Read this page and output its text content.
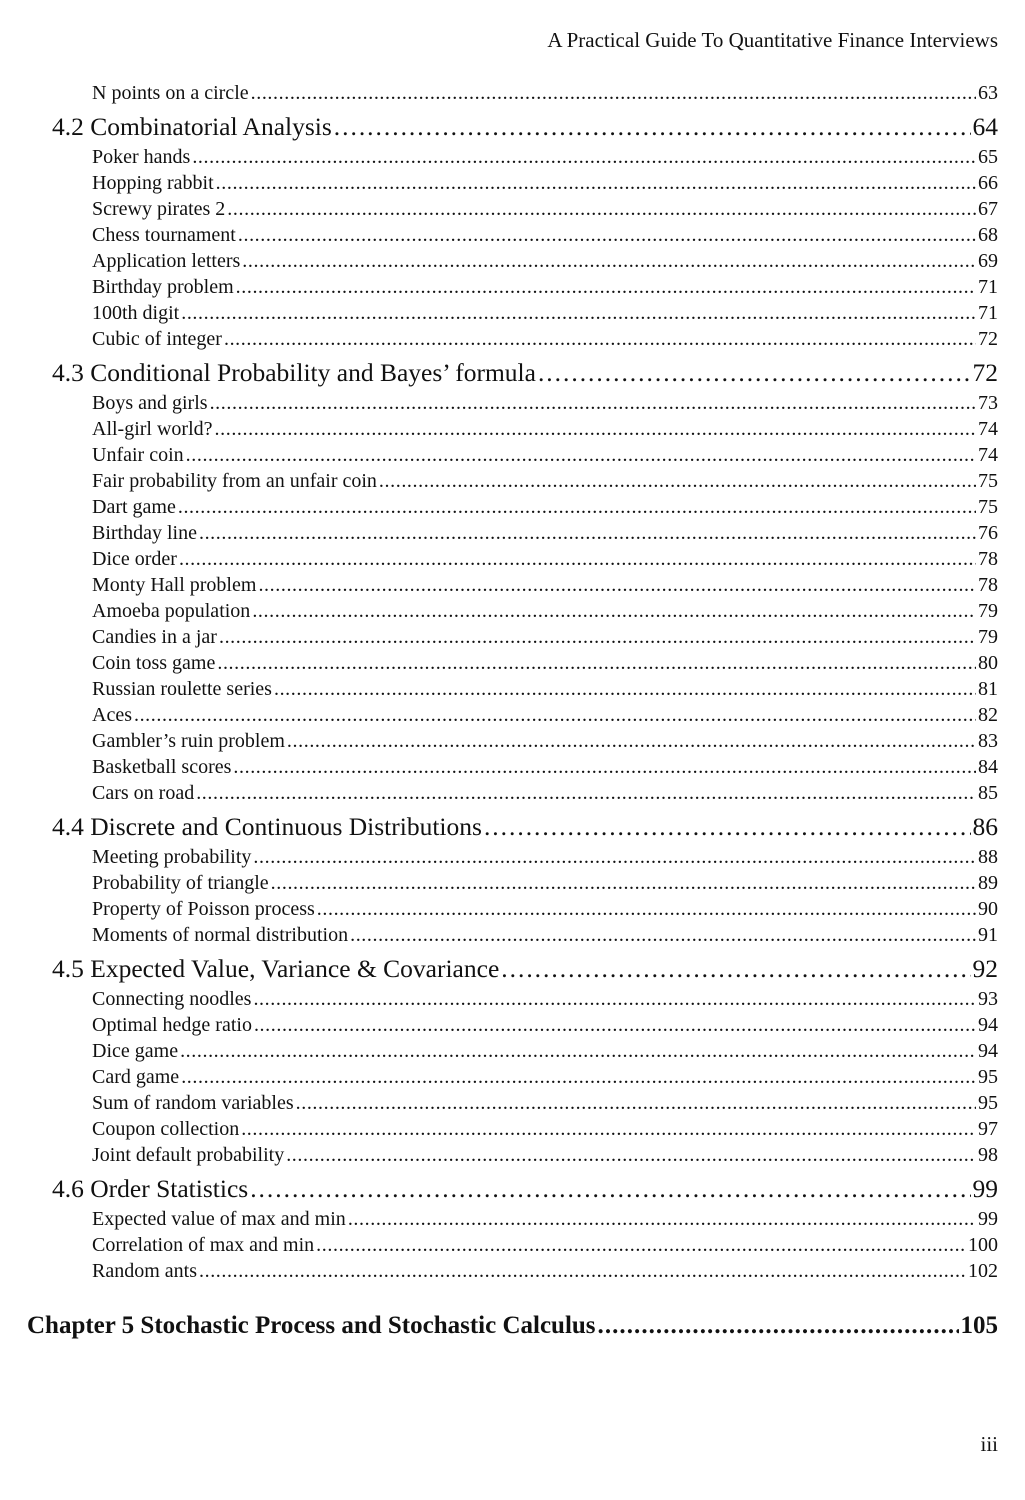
A Practical Guide To Quantitative Finance Interviews
N points on a circle . . .	63
4.2 Combinatorial Analysis . . .	64
Poker hands . . .	65
Hopping rabbit . . .	66
Screwy pirates 2 . . .	67
Chess tournament . . .	68
Application letters . . .	69
Birthday problem . . .	71
100th digit . . .	71
Cubic of integer . . .	72
4.3 Conditional Probability and Bayes’ formula . . .	72
Boys and girls . . .	73
All-girl world? . . .	74
Unfair coin . . .	74
Fair probability from an unfair coin . . .	75
Dart game . . .	75
Birthday line . . .	76
Dice order . . .	78
Monty Hall problem . . .	78
Amoeba population . . .	79
Candies in a jar . . .	79
Coin toss game . . .	80
Russian roulette series . . .	81
Aces . . .	82
Gambler’s ruin problem . . .	83
Basketball scores . . .	84
Cars on road . . .	85
4.4 Discrete and Continuous Distributions . . .	86
Meeting probability . . .	88
Probability of triangle . . .	89
Property of Poisson process . . .	90
Moments of normal distribution . . .	91
4.5 Expected Value, Variance & Covariance . . .	92
Connecting noodles . . .	93
Optimal hedge ratio . . .	94
Dice game . . .	94
Card game . . .	95
Sum of random variables . . .	95
Coupon collection . . .	97
Joint default probability . . .	98
4.6 Order Statistics . . .	99
Expected value of max and min . . .	99
Correlation of max and min . . .	100
Random ants . . .	102
Chapter 5 Stochastic Process and Stochastic Calculus . . .	105
iii
